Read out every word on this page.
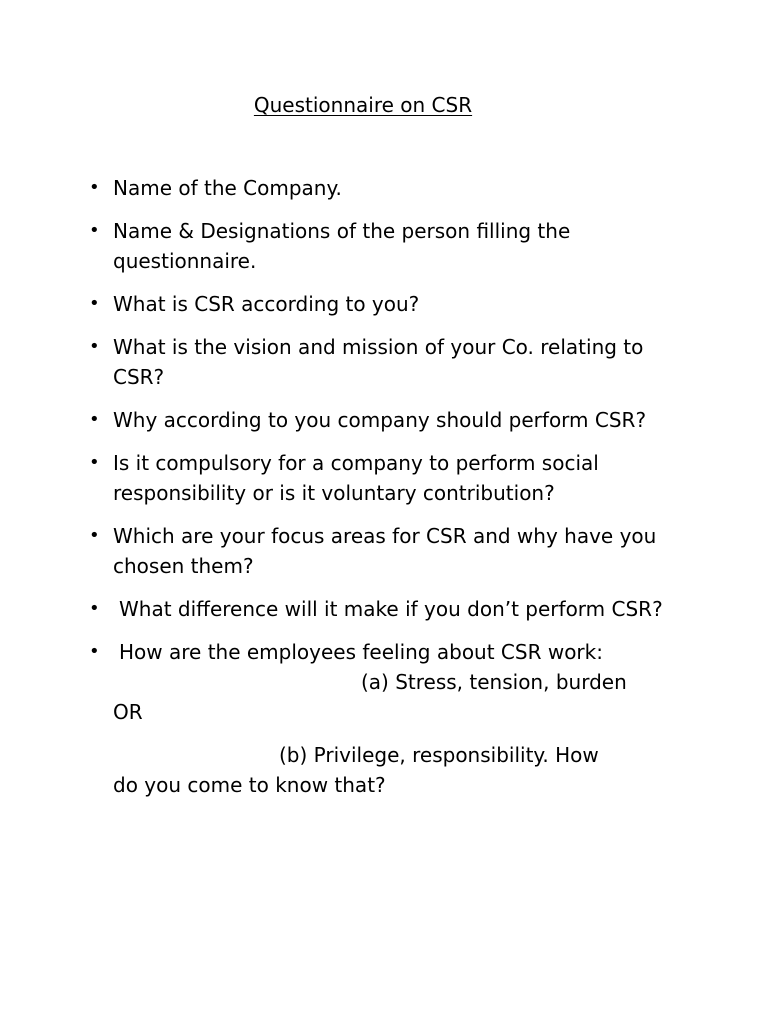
Questionnaire on CSR
• Name of the Company.
• Name & Designations of the person filling the questionnaire.
• What is CSR according to you?
• What is the vision and mission of your Co. relating to CSR?
• Why according to you company should perform CSR?
• Is it compulsory for a company to perform social responsibility or is it voluntary contribution?
• Which are your focus areas for CSR and why have you chosen them?
• What difference will it make if you don’t perform CSR?
• How are the employees feeling about CSR work:
(a) Stress, tension, burden
OR
(b) Privilege, responsibility. How
do you come to know that?
